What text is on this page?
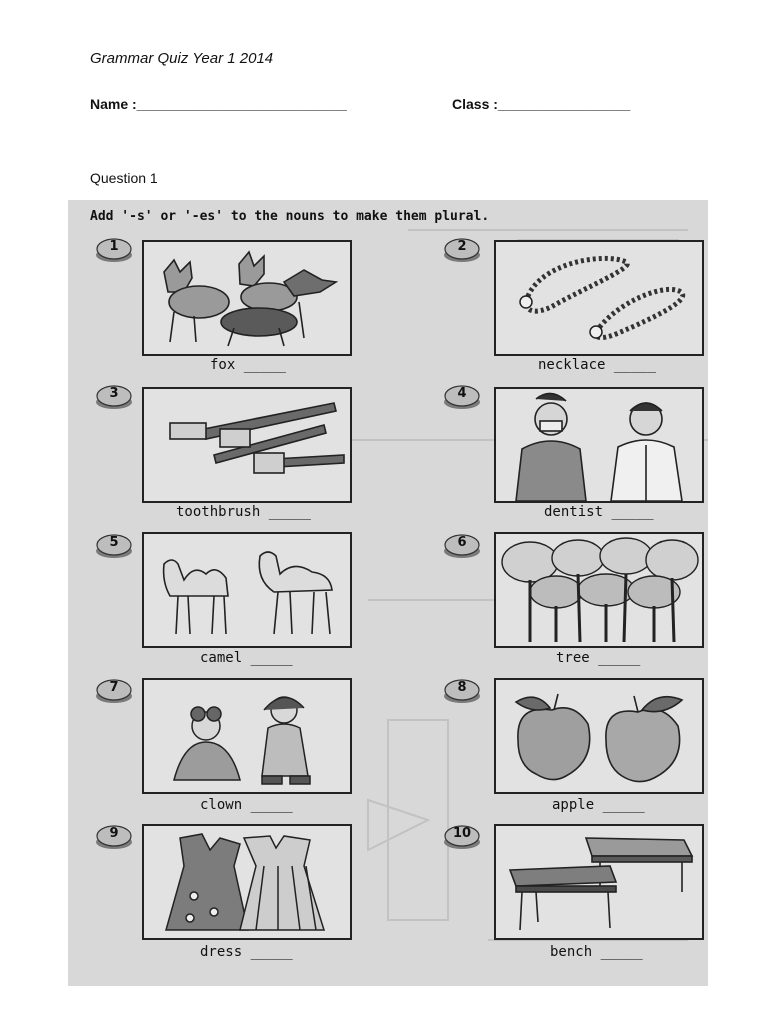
Grammar Quiz Year 1 2014
Name :___________________________	Class :_________________
Question 1
Add '-s' or '-es' to the nouns to make them plural.
1	2
3	4
5	6
7	8
9	10
fox _____	necklace _____
toothbrush _____	dentist _____
camel _____	tree _____
clown _____	apple _____
dress _____	bench _____
